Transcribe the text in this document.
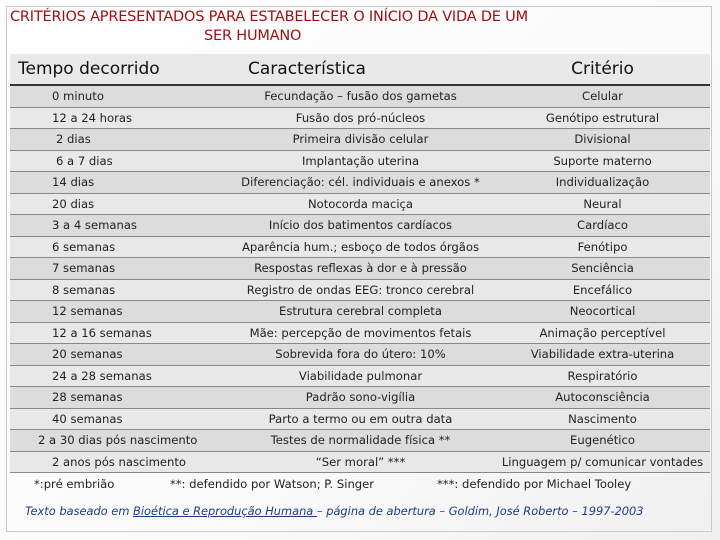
CRITÉRIOS APRESENTADOS PARA ESTABELECER O INÍCIO DA VIDA DE UM
SER HUMANO
Tempo decorrido	Característica	Critério
0 minuto	Fecundação – fusão dos gametas	Celular
12 a 24 horas	Fusão dos pró-núcleos	Genótipo estrutural
2 dias	Primeira divisão celular	Divisional
6 a 7 dias	Implantação uterina	Suporte materno
14 dias	Diferenciação: cél. individuais e anexos *	Individualização
20 dias	Notocorda maciça	Neural
3 a 4 semanas	Início dos batimentos cardíacos	Cardíaco
6 semanas	Aparência hum.; esboço de todos órgãos	Fenótipo
7 semanas	Respostas reflexas à dor e à pressão	Senciência
8 semanas	Registro de ondas EEG: tronco cerebral	Encefálico
12 semanas	Estrutura cerebral completa	Neocortical
12 a 16 semanas	Mãe: percepção de movimentos fetais	Animação perceptível
20 semanas	Sobrevida fora do útero: 10%	Viabilidade extra-uterina
24 a 28 semanas	Viabilidade pulmonar	Respiratório
28 semanas	Padrão sono-vigília	Autoconsciência
40 semanas	Parto a termo ou em outra data	Nascimento
2 a 30 dias pós nascimento	Testes de normalidade física **	Eugenético
2 anos pós nascimento	“Ser moral” ***	Linguagem p/ comunicar vontades
*:pré embrião	**: defendido por Watson; P. Singer	***: defendido por Michael Tooley
Texto baseado em Bioética e Reprodução Humana – página de abertura – Goldim, José Roberto – 1997-2003
